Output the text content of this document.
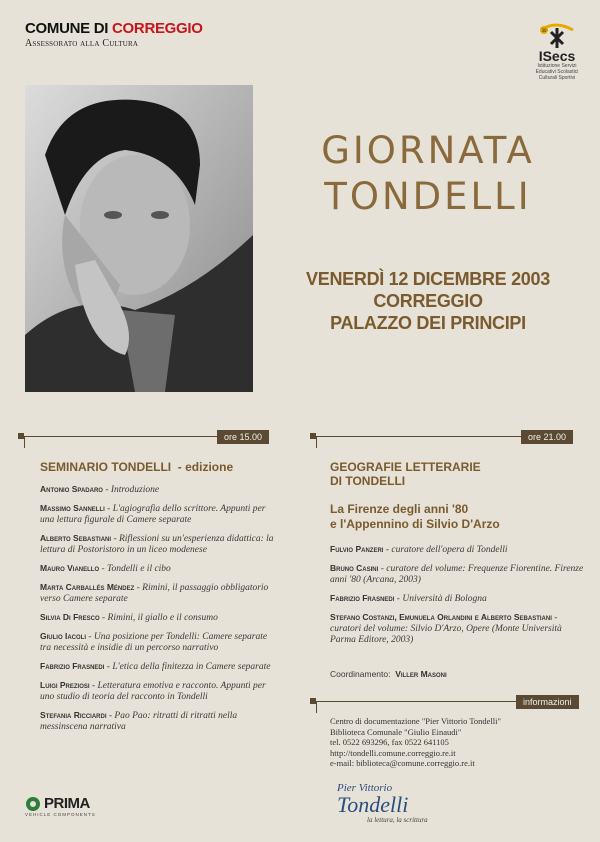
COMUNE DI CORREGGIO
Assessorato alla Cultura
30
ISecs
Istituzione Servizi Educativi Scolastici Culturali Sportivi
GIORNATA
TONDELLI
VENERDÌ 12 DICEMBRE 2003
CORREGGIO
PALAZZO DEI PRINCIPI
ore 15.00
SEMINARIO TONDELLI - edizione
Antonio Spadaro - Introduzione
Massimo Sannelli - L'agiografia dello scrittore. Appunti per una lettura figurale di Camere separate
Alberto Sebastiani - Riflessioni su un'esperienza didattica: la lettura di Postoristoro in un liceo modenese
Mauro Vianello - Tondelli e il cibo
Marta Carballés Méndez - Rimini, il passaggio obbligatorio verso Camere separate
Silvia Di Fresco - Rimini, il giallo e il consumo
Giulio Iacoli - Una posizione per Tondelli: Camere separate tra necessità e insidie di un percorso narrativo
Fabrizio Frasnedi - L'etica della finitezza in Camere separate
Luigi Preziosi - Letteratura emotiva e racconto. Appunti per uno studio di teoria del racconto in Tondelli
Stefania Ricciardi - Pao Pao: ritratti di ritratti nella messinscena narrativa
ore 21.00
GEOGRAFIE LETTERARIE
DI TONDELLI
La Firenze degli anni '80
e l'Appennino di Silvio D'Arzo
Fulvio Panzeri - curatore dell'opera di Tondelli
Bruno Casini - curatore del volume: Frequenze Fiorentine. Firenze anni '80 (Arcana, 2003)
Fabrizio Frasnedi - Università di Bologna
Stefano Costanzi, Emunuela Orlandini e Alberto Sebastiani - curatori del volume: Silvio D'Arzo, Opere (Monte Università Parma Editore, 2003)
Coordinamento: Viller Masoni
informazioni
Centro di documentazione "Pier Vittorio Tondelli"
Biblioteca Comunale "Giulio Einaudi"
tel. 0522 693296, fax 0522 641105
http://tondelli.comune.correggio.re.it
e-mail: biblioteca@comune.correggio.re.it
PRIMA
VEHICLE COMPONENTS
Pier Vittorio
Tondelli
la lettura, la scrittura
